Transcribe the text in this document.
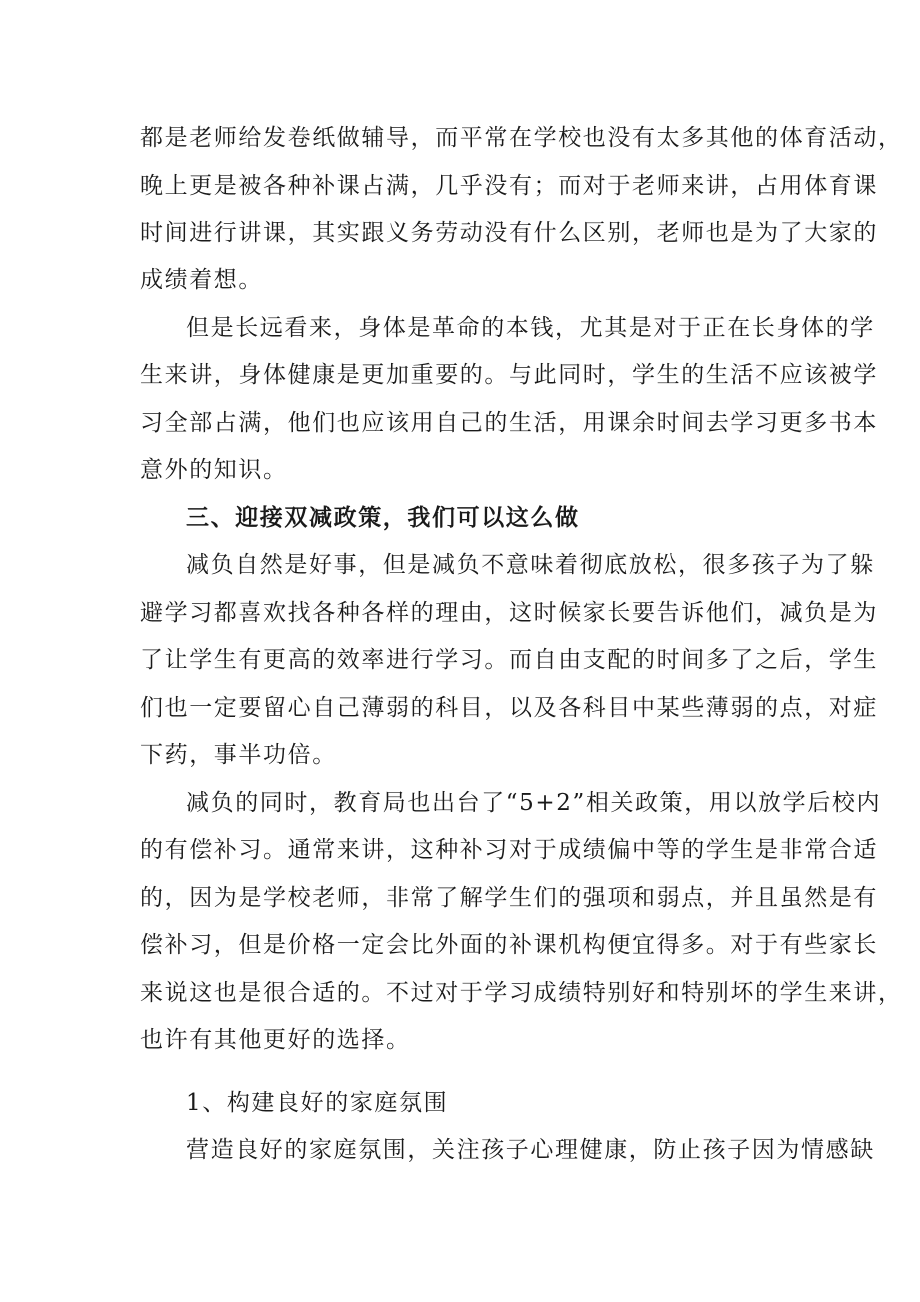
都是老师给发卷纸做辅导，而平常在学校也没有太多其他的体育活动，
晚上更是被各种补课占满，几乎没有；而对于老师来讲，占用体育课
时间进行讲课，其实跟义务劳动没有什么区别，老师也是为了大家的
成绩着想。
但是长远看来，身体是革命的本钱，尤其是对于正在长身体的学
生来讲，身体健康是更加重要的。与此同时，学生的生活不应该被学
习全部占满，他们也应该用自己的生活，用课余时间去学习更多书本
意外的知识。
三、迎接双减政策，我们可以这么做
减负自然是好事，但是减负不意味着彻底放松，很多孩子为了躲
避学习都喜欢找各种各样的理由，这时候家长要告诉他们，减负是为
了让学生有更高的效率进行学习。而自由支配的时间多了之后，学生
们也一定要留心自己薄弱的科目，以及各科目中某些薄弱的点，对症
下药，事半功倍。
减负的同时，教育局也出台了“5+2”相关政策，用以放学后校内
的有偿补习。通常来讲，这种补习对于成绩偏中等的学生是非常合适
的，因为是学校老师，非常了解学生们的强项和弱点，并且虽然是有
偿补习，但是价格一定会比外面的补课机构便宜得多。对于有些家长
来说这也是很合适的。不过对于学习成绩特别好和特别坏的学生来讲，
也许有其他更好的选择。
1、构建良好的家庭氛围
营造良好的家庭氛围，关注孩子心理健康，防止孩子因为情感缺
